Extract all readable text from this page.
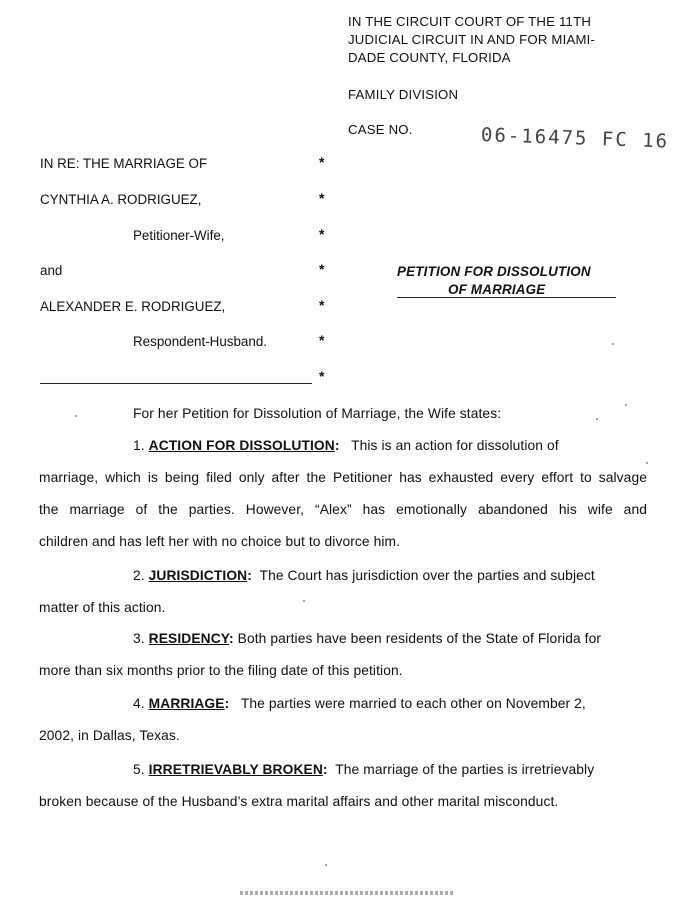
IN THE CIRCUIT COURT OF THE 11TH
JUDICIAL CIRCUIT IN AND FOR MIAMI-
DADE COUNTY, FLORIDA
FAMILY DIVISION
CASE NO.	06-16475 FC 16
IN RE: THE MARRIAGE OF
CYNTHIA A. RODRIGUEZ,
Petitioner-Wife,
and
ALEXANDER E. RODRIGUEZ,
Respondent-Husband.
*
*
*
*
*
*
*
PETITION FOR DISSOLUTION
OF MARRIAGE
For her Petition for Dissolution of Marriage, the Wife states:
1. ACTION FOR DISSOLUTION: This is an action for dissolution of
marriage, which is being filed only after the Petitioner has exhausted every effort to salvage
the marriage of the parties. However, “Alex” has emotionally abandoned his wife and
children and has left her with no choice but to divorce him.
2. JURISDICTION: The Court has jurisdiction over the parties and subject
matter of this action.
3. RESIDENCY: Both parties have been residents of the State of Florida for
more than six months prior to the filing date of this petition.
4. MARRIAGE: The parties were married to each other on November 2,
2002, in Dallas, Texas.
5. IRRETRIEVABLY BROKEN: The marriage of the parties is irretrievably
broken because of the Husband’s extra marital affairs and other marital misconduct.
